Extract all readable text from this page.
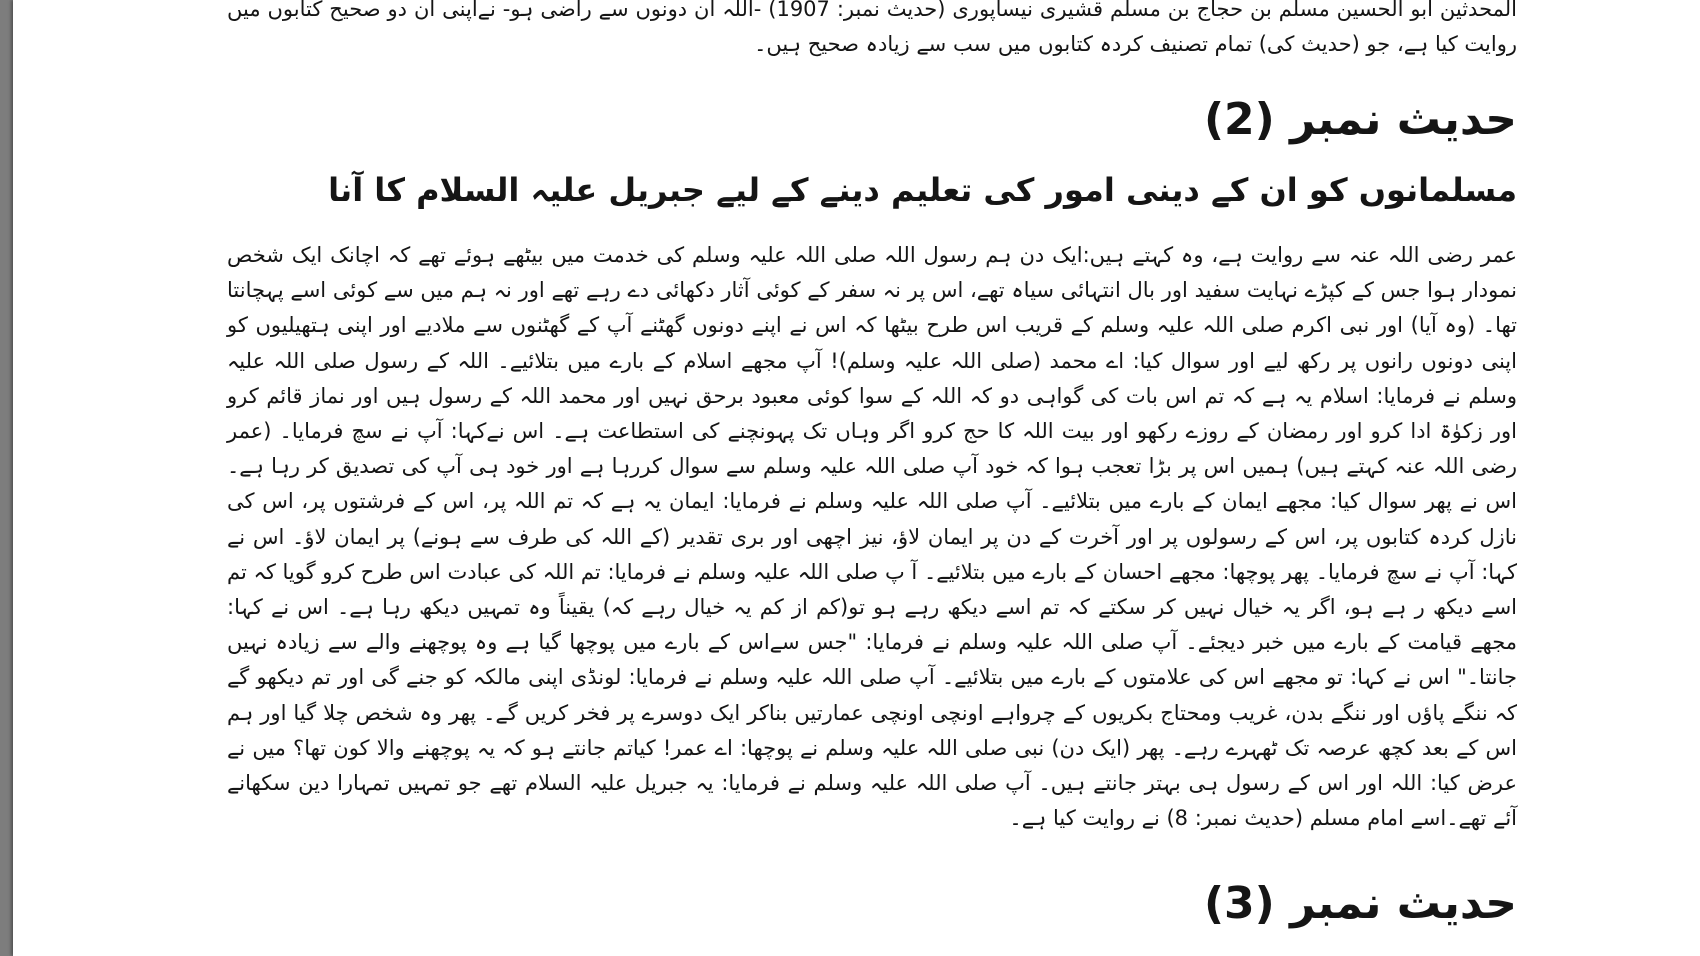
المحدثین ابو الحسین مسلم بن حجاج بن مسلم قشیری نیساپوری (حدیث نمبر: 1907) -اللہ ان دونوں سے راضی ہو- نےاپنی ان دو صحیح کتابوں میں روایت کیا ہے، جو (حدیث کی) تمام تصنیف کردہ کتابوں میں سب سے زیادہ صحیح ہیں۔

حدیث نمبر (2)
مسلمانوں کو ان کے دینی امور کی تعلیم دینے کے لیے جبریل علیہ السلام کا آنا

عمر رضی اللہ عنہ سے روایت ہے، وہ کہتے ہیں:ایک دن ہم رسول اللہ صلی اللہ علیہ وسلم کی خدمت میں بیٹھے ہوئے تھے کہ اچانک ایک شخص نمودار ہوا جس کے کپڑے نہایت سفید اور بال انتہائی سیاہ تھے، اس پر نہ سفر کے کوئی آثار دکھائی دے رہے تھے اور نہ ہم میں سے کوئی اسے پہچانتا تھا۔ (وہ آیا) اور نبی اکرم صلی اللہ علیہ وسلم کے قریب اس طرح بیٹھا کہ اس نے اپنے دونوں گھٹنے آپ کے گھٹنوں سے ملادیے اور اپنی ہتھیلیوں کو اپنی دونوں رانوں پر رکھ لیے اور سوال کیا: اے محمد (صلی اللہ علیہ وسلم)! آپ مجھے اسلام کے بارے میں بتلائیے۔ اللہ کے رسول صلی اللہ علیہ وسلم نے فرمایا: اسلام یہ ہے کہ تم اس بات کی گواہی دو کہ اللہ کے سوا کوئی معبود برحق نہیں اور محمد اللہ کے رسول ہیں اور نماز قائم کرو اور زکوٰۃ ادا کرو اور رمضان کے روزے رکھو اور بیت اللہ کا حج کرو اگر وہاں تک پہونچنے کی استطاعت ہے۔ اس نےکہا: آپ نے سچ فرمایا۔ (عمر رضی اللہ عنہ کہتے ہیں) ہمیں اس پر بڑا تعجب ہوا کہ خود آپ صلی اللہ علیہ وسلم سے سوال کررہا ہے اور خود ہی آپ کی تصدیق کر رہا ہے۔ اس نے پھر سوال کیا: مجھے ایمان کے بارے میں بتلائیے۔ آپ صلی اللہ علیہ وسلم نے فرمایا: ایمان یہ ہے کہ تم اللہ پر، اس کے فرشتوں پر، اس کی نازل کردہ کتابوں پر، اس کے رسولوں پر اور آخرت کے دن پر ایمان لاؤ، نیز اچھی اور بری تقدیر (کے اللہ کی طرف سے ہونے) پر ایمان لاؤ۔ اس نے کہا: آپ نے سچ فرمایا۔ پھر پوچھا: مجھے احسان کے بارے میں بتلائیے۔ آ پ صلی اللہ علیہ وسلم نے فرمایا: تم اللہ کی عبادت اس طرح کرو گویا کہ تم اسے دیکھ ر ہے ہو، اگر یہ خیال نہیں کر سکتے کہ تم اسے دیکھ رہے ہو تو(کم از کم یہ خیال رہے کہ) یقیناً وہ تمہیں دیکھ رہا ہے۔ اس نے کہا: مجھے قیامت کے بارے میں خبر دیجئے۔ آپ صلی اللہ علیہ وسلم نے فرمایا: "جس سےاس کے بارے میں پوچھا گیا ہے وہ پوچھنے والے سے زیادہ نہیں جانتا۔" اس نے کہا: تو مجھے اس کی علامتوں کے بارے میں بتلائیے۔ آپ صلی اللہ علیہ وسلم نے فرمایا: لونڈی اپنی مالکہ کو جنے گی اور تم دیکھو گے کہ ننگے پاؤں اور ننگے بدن، غریب ومحتاج بکریوں کے چرواہے اونچی اونچی عمارتیں بناکر ایک دوسرے پر فخر کریں گے۔ پھر وہ شخص چلا گیا اور ہم اس کے بعد کچھ عرصہ تک ٹھہرے رہے۔ پھر (ایک دن) نبی صلی اللہ علیہ وسلم نے پوچھا: اے عمر! کیاتم جانتے ہو کہ یہ پوچھنے والا کون تھا؟ میں نے عرض کیا: اللہ اور اس کے رسول ہی بہتر جانتے ہیں۔ آپ صلی اللہ علیہ وسلم نے فرمایا: یہ جبریل علیہ السلام تھے جو تمہیں تمہارا دین سکھانے آئے تھے۔اسے امام مسلم (حدیث نمبر: 8) نے روایت کیا ہے۔

حدیث نمبر (3)
